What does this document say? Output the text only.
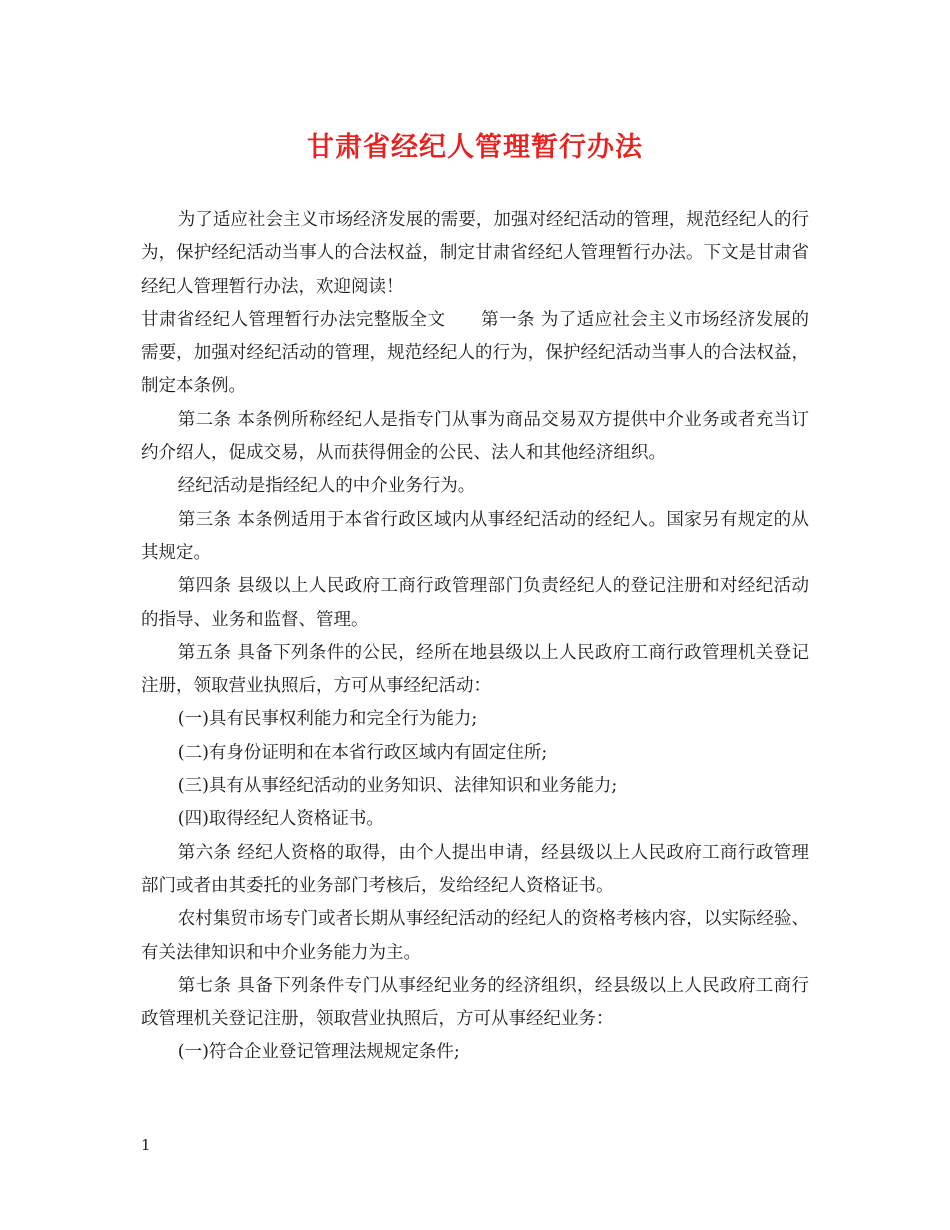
甘肃省经纪人管理暂行办法

为了适应社会主义市场经济发展的需要，加强对经纪活动的管理，规范经纪人的行为，保护经纪活动当事人的合法权益，制定甘肃省经纪人管理暂行办法。下文是甘肃省经纪人管理暂行办法，欢迎阅读！

甘肃省经纪人管理暂行办法完整版全文　　第一条 为了适应社会主义市场经济发展的需要，加强对经纪活动的管理，规范经纪人的行为，保护经纪活动当事人的合法权益，制定本条例。

第二条 本条例所称经纪人是指专门从事为商品交易双方提供中介业务或者充当订约介绍人，促成交易，从而获得佣金的公民、法人和其他经济组织。

经纪活动是指经纪人的中介业务行为。

第三条 本条例适用于本省行政区域内从事经纪活动的经纪人。国家另有规定的从其规定。

第四条 县级以上人民政府工商行政管理部门负责经纪人的登记注册和对经纪活动的指导、业务和监督、管理。

第五条 具备下列条件的公民，经所在地县级以上人民政府工商行政管理机关登记注册，领取营业执照后，方可从事经纪活动：

(一)具有民事权利能力和完全行为能力;

(二)有身份证明和在本省行政区域内有固定住所;

(三)具有从事经纪活动的业务知识、法律知识和业务能力;

(四)取得经纪人资格证书。

第六条 经纪人资格的取得，由个人提出申请，经县级以上人民政府工商行政管理部门或者由其委托的业务部门考核后，发给经纪人资格证书。

农村集贸市场专门或者长期从事经纪活动的经纪人的资格考核内容，以实际经验、有关法律知识和中介业务能力为主。

第七条 具备下列条件专门从事经纪业务的经济组织，经县级以上人民政府工商行政管理机关登记注册，领取营业执照后，方可从事经纪业务：

(一)符合企业登记管理法规规定条件;

1
